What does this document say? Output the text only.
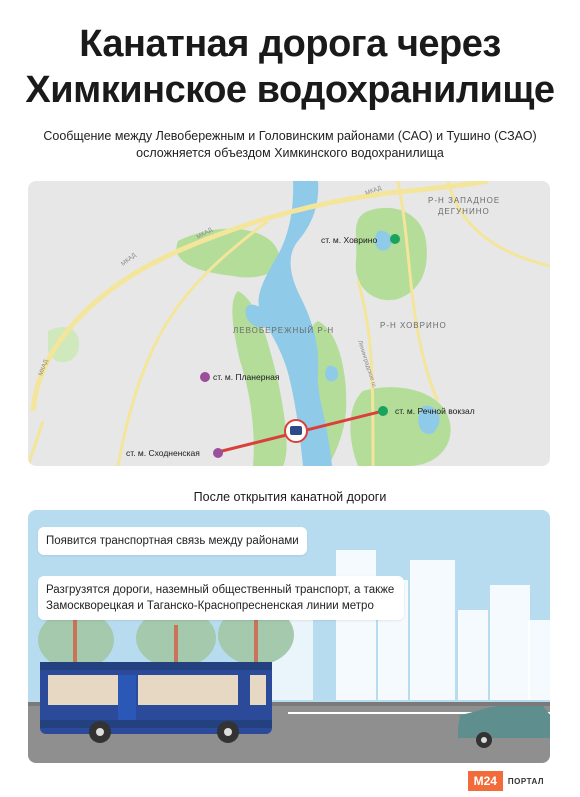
Канатная дорога через
Химкинское водохранилище
Сообщение между Левобережным и Головинским районами (САО) и Тушино (СЗАО) осложняется объездом Химкинского водохранилища
МКАД
МКАД
МКАД
МКАД	Ленинградское ш.
Р-Н ЗАПАДНОЕ
ДЕГУНИНО
ЛЕВОБЕРЕЖНЫЙ Р-Н
Р-Н ХОВРИНО
ст. м. Ховрино
ст. м. Планерная
ст. м. Речной вокзал
ст. м. Сходненская
После открытия канатной дороги
Появится транспортная связь между районами
Разгрузятся дороги, наземный общественный транспорт, а также Замоскворецкая и Таганско-Краснопресненская линии метро
M24	ПОРТАЛ
